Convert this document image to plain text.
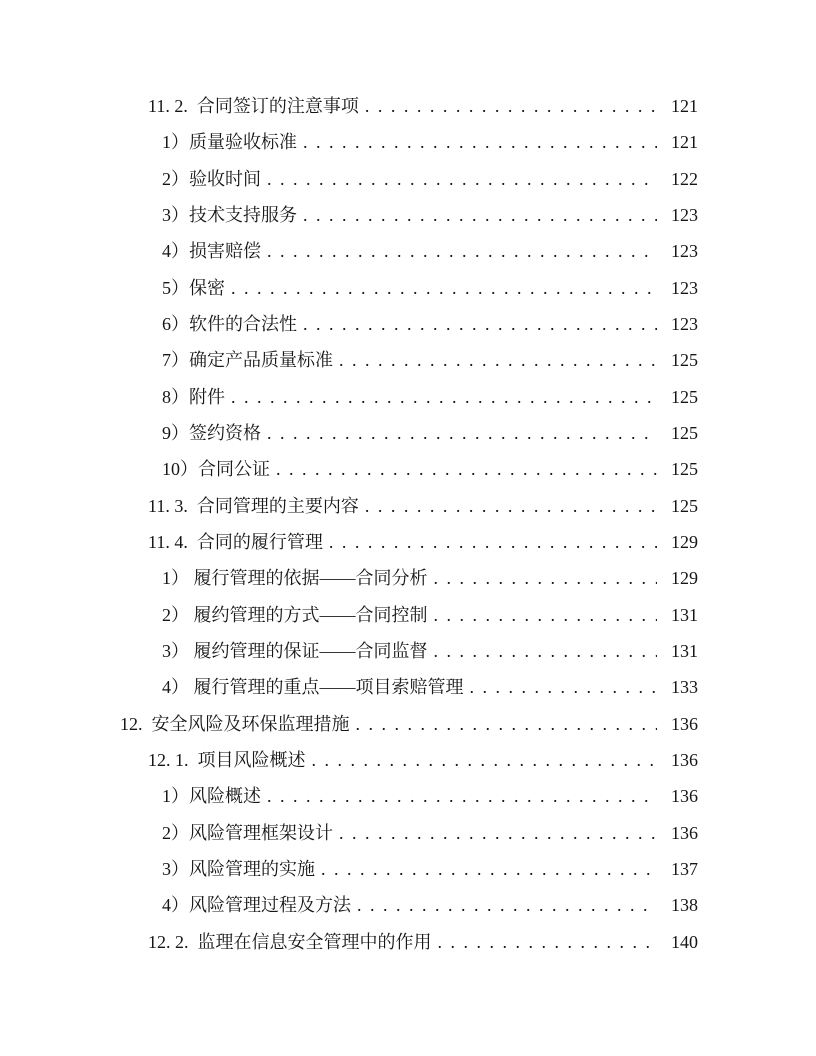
11. 2.  合同签订的注意事项 . . .	121
1）质量验收标准 . . .	121
2）验收时间 . . .	122
3）技术支持服务 . . .	123
4）损害赔偿 . . .	123
5）保密 . . .	123
6）软件的合法性 . . .	123
7）确定产品质量标准 . . .	125
8）附件 . . .	125
9）签约资格 . . .	125
10）合同公证 . . .	125
11. 3.  合同管理的主要内容 . . .	125
11. 4.  合同的履行管理 . . .	129
1） 履行管理的依据——合同分析 . . .	129
2） 履约管理的方式——合同控制 . . .	131
3） 履约管理的保证——合同监督 . . .	131
4） 履行管理的重点——项目索赔管理 . . .	133
12.  安全风险及环保监理措施 . . .	136
12. 1.  项目风险概述 . . .	136
1）风险概述 . . .	136
2）风险管理框架设计 . . .	136
3）风险管理的实施 . . .	137
4）风险管理过程及方法 . . .	138
12. 2.  监理在信息安全管理中的作用 . . .	140
